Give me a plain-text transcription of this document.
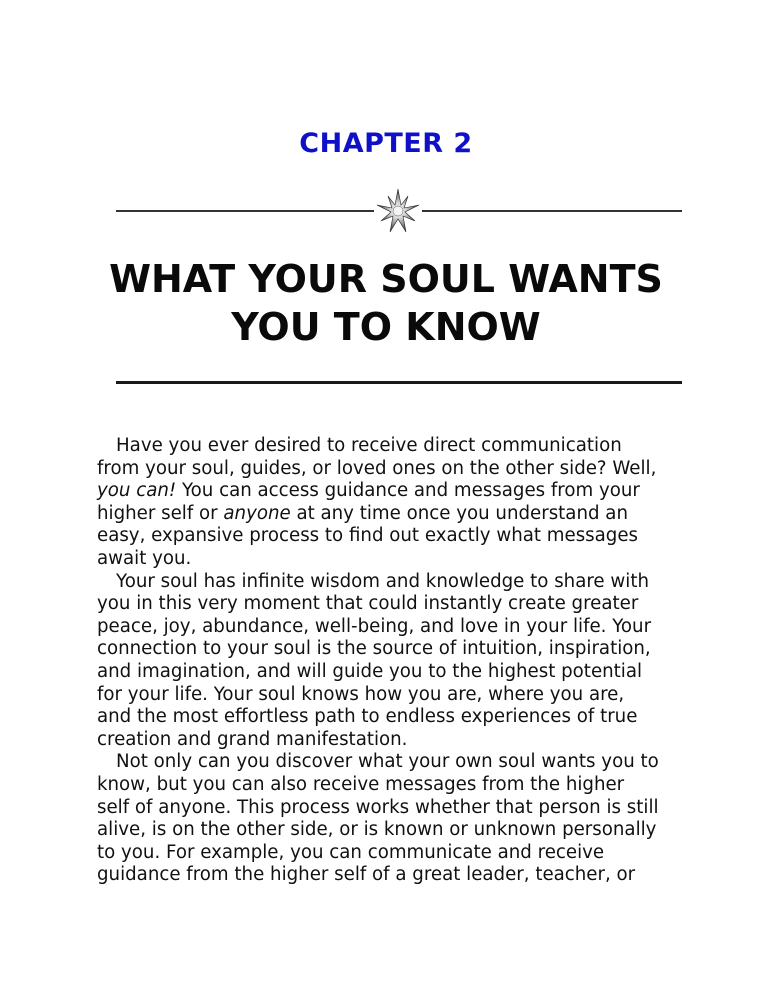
CHAPTER 2
WHAT YOUR SOUL WANTS
YOU TO KNOW
Have you ever desired to receive direct communication
from your soul, guides, or loved ones on the other side? Well,
you can! You can access guidance and messages from your
higher self or anyone at any time once you understand an
easy, expansive process to find out exactly what messages
await you.
Your soul has infinite wisdom and knowledge to share with
you in this very moment that could instantly create greater
peace, joy, abundance, well-being, and love in your life. Your
connection to your soul is the source of intuition, inspiration,
and imagination, and will guide you to the highest potential
for your life. Your soul knows how you are, where you are,
and the most effortless path to endless experiences of true
creation and grand manifestation.
Not only can you discover what your own soul wants you to
know, but you can also receive messages from the higher
self of anyone. This process works whether that person is still
alive, is on the other side, or is known or unknown personally
to you. For example, you can communicate and receive
guidance from the higher self of a great leader, teacher, or
